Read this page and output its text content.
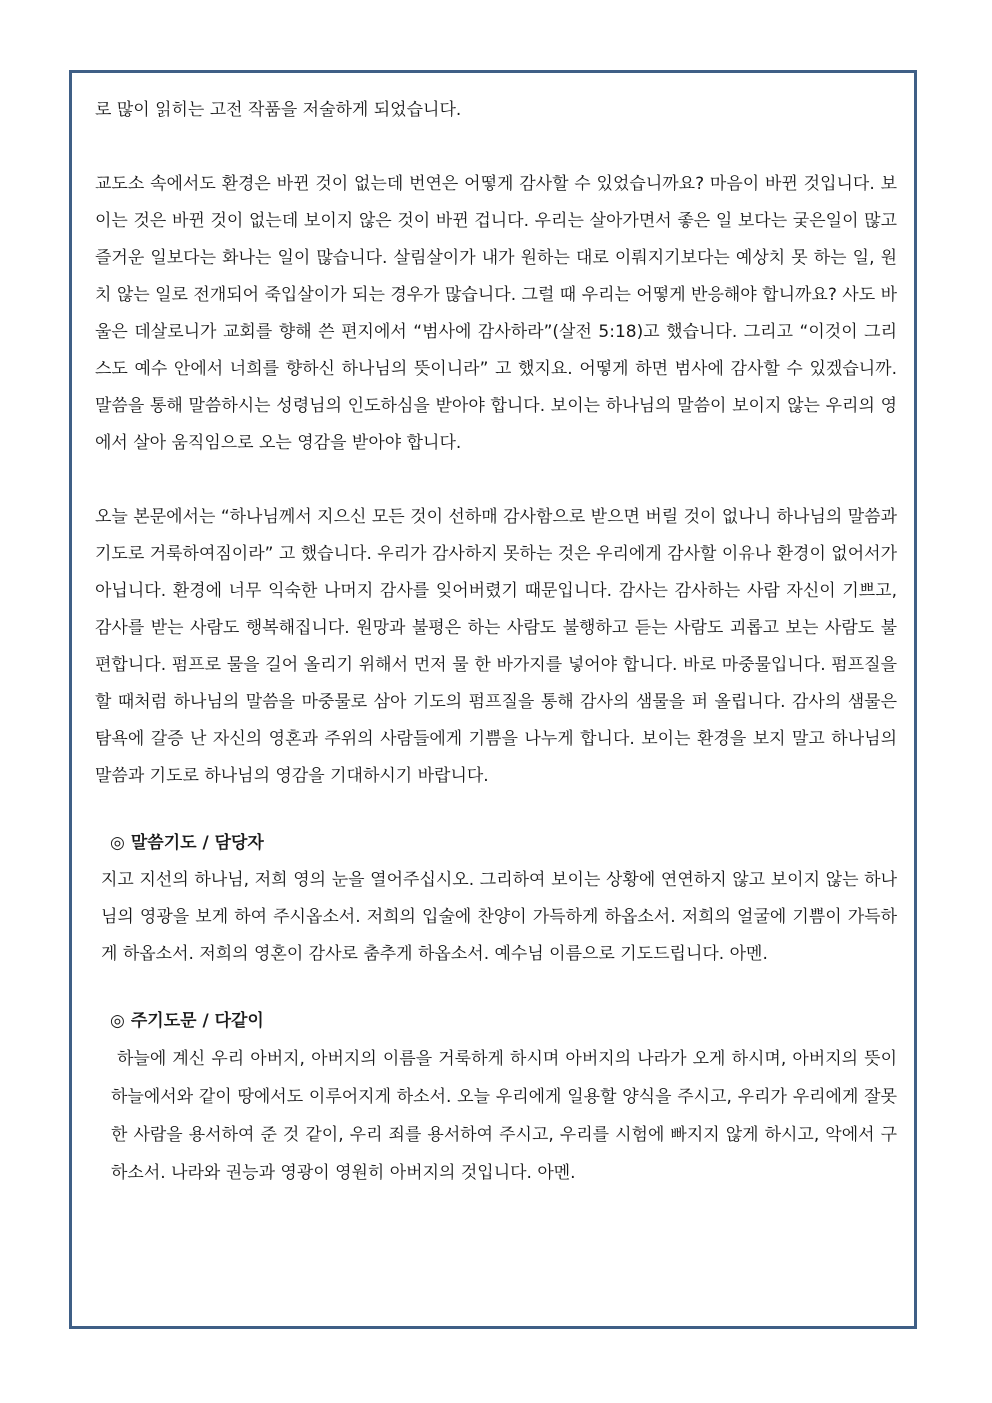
로 많이 읽히는 고전 작품을 저술하게 되었습니다.

교도소 속에서도 환경은 바뀐 것이 없는데 번연은 어떻게 감사할 수 있었습니까요? 마음이 바뀐 것입니다. 보이는 것은 바뀐 것이 없는데 보이지 않은 것이 바뀐 겁니다. 우리는 살아가면서 좋은 일 보다는 궂은일이 많고 즐거운 일보다는 화나는 일이 많습니다. 살림살이가 내가 원하는 대로 이뤄지기보다는 예상치 못 하는 일, 원치 않는 일로 전개되어 죽입살이가 되는 경우가 많습니다. 그럴 때 우리는 어떻게 반응해야 합니까요? 사도 바울은 데살로니가 교회를 향해 쓴 편지에서 “범사에 감사하라”(살전 5:18)고 했습니다. 그리고 “이것이 그리스도 예수 안에서 너희를 향하신 하나님의 뜻이니라” 고 했지요. 어떻게 하면 범사에 감사할 수 있겠습니까. 말씀을 통해 말씀하시는 성령님의 인도하심을 받아야 합니다. 보이는 하나님의 말씀이 보이지 않는 우리의 영에서 살아 움직임으로 오는 영감을 받아야 합니다.

오늘 본문에서는 “하나님께서 지으신 모든 것이 선하매 감사함으로 받으면 버릴 것이 없나니 하나님의 말씀과 기도로 거룩하여짐이라” 고 했습니다. 우리가 감사하지 못하는 것은 우리에게 감사할 이유나 환경이 없어서가 아닙니다. 환경에 너무 익숙한 나머지 감사를 잊어버렸기 때문입니다. 감사는 감사하는 사람 자신이 기쁘고, 감사를 받는 사람도 행복해집니다. 원망과 불평은 하는 사람도 불행하고 듣는 사람도 괴롭고 보는 사람도 불편합니다. 펌프로 물을 길어 올리기 위해서 먼저 물 한 바가지를 넣어야 합니다. 바로 마중물입니다. 펌프질을 할 때처럼 하나님의 말씀을 마중물로 삼아 기도의 펌프질을 통해 감사의 샘물을 퍼 올립니다. 감사의 샘물은 탐욕에 갈증 난 자신의 영혼과 주위의 사람들에게 기쁨을 나누게 합니다. 보이는 환경을 보지 말고 하나님의 말씀과 기도로 하나님의 영감을 기대하시기 바랍니다.

◎ 말씀기도 / 담당자

지고 지선의 하나님, 저희 영의 눈을 열어주십시오. 그리하여 보이는 상황에 연연하지 않고 보이지 않는 하나님의 영광을 보게 하여 주시옵소서. 저희의 입술에 찬양이 가득하게 하옵소서. 저희의 얼굴에 기쁨이 가득하게 하옵소서. 저희의 영혼이 감사로 춤추게 하옵소서. 예수님 이름으로 기도드립니다. 아멘.

◎ 주기도문 / 다같이

하늘에 계신 우리 아버지, 아버지의 이름을 거룩하게 하시며 아버지의 나라가 오게 하시며, 아버지의 뜻이 하늘에서와 같이 땅에서도 이루어지게 하소서. 오늘 우리에게 일용할 양식을 주시고, 우리가 우리에게 잘못한 사람을 용서하여 준 것 같이, 우리 죄를 용서하여 주시고, 우리를 시험에 빠지지 않게 하시고, 악에서 구하소서. 나라와 권능과 영광이 영원히 아버지의 것입니다. 아멘.
